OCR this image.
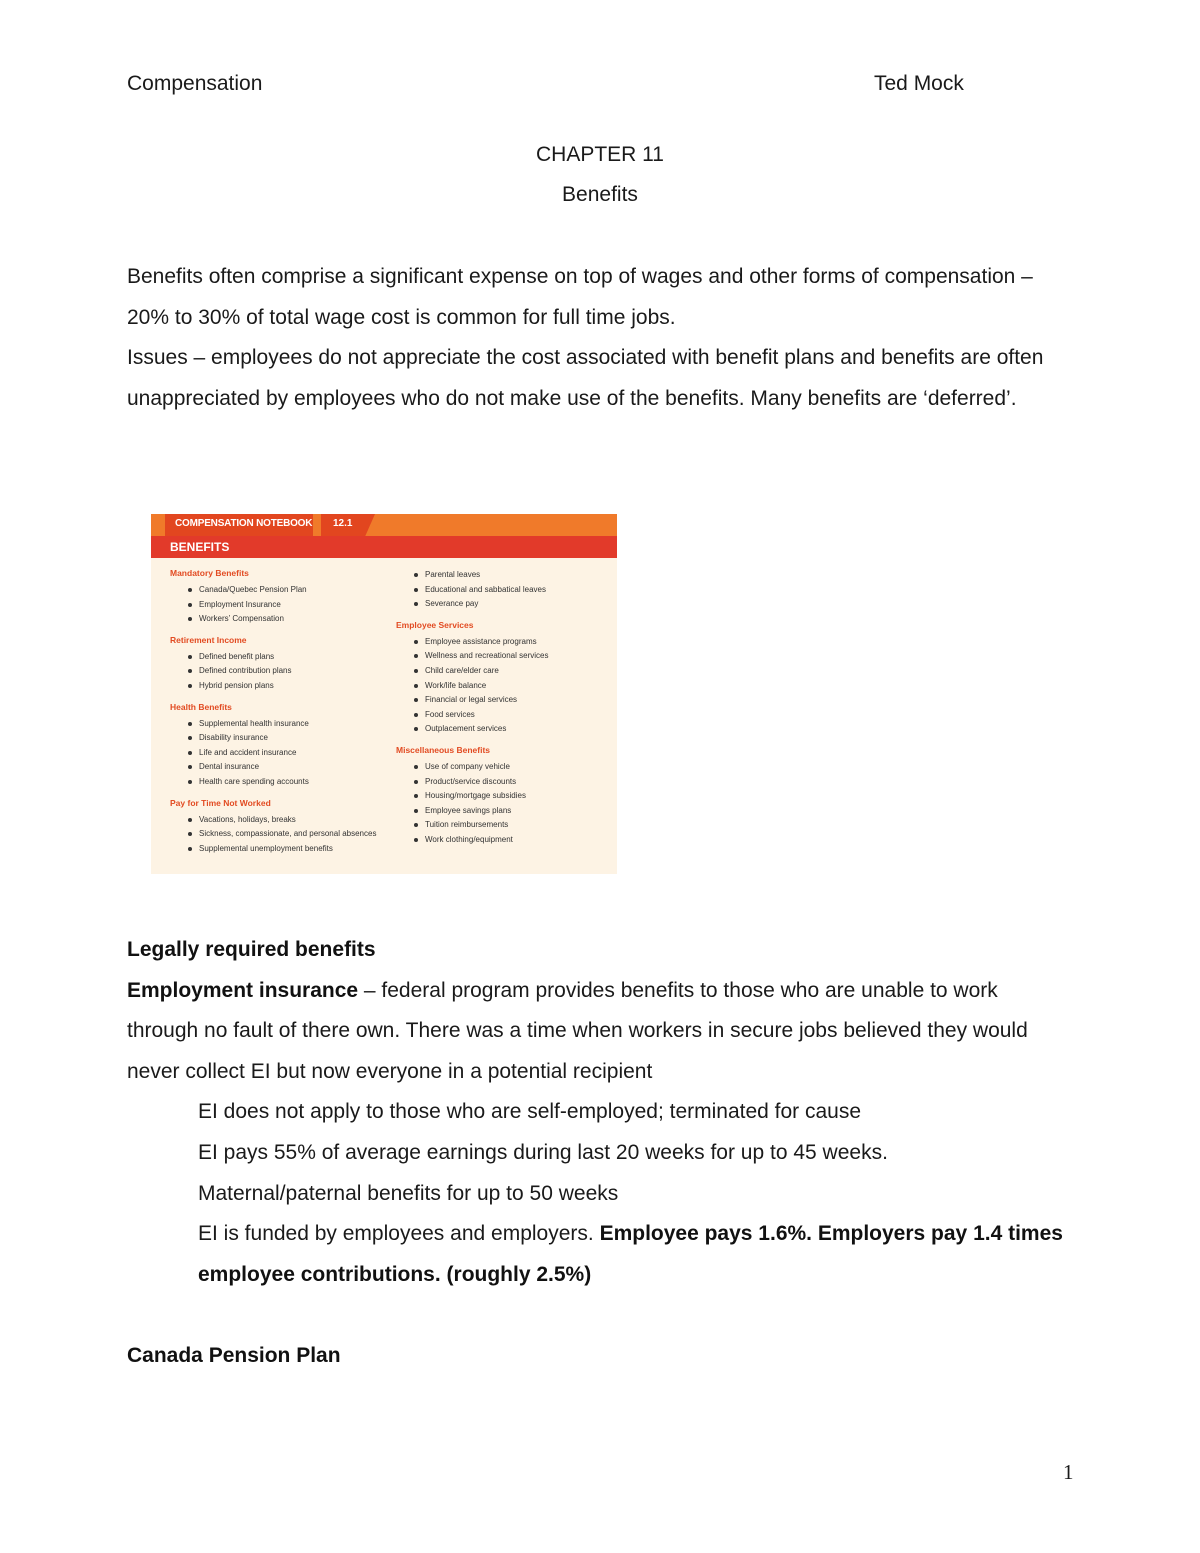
Compensation	Ted Mock
CHAPTER 11
Benefits

Benefits often comprise a significant expense on top of wages and other forms of compensation – 20% to 30% of total wage cost is common for full time jobs.

Issues – employees do not appreciate the cost associated with benefit plans and benefits are often unappreciated by employees who do not make use of the benefits. Many benefits are ‘deferred’.

COMPENSATION NOTEBOOK 12.1
BENEFITS
Mandatory Benefits
Canada/Quebec Pension Plan
Employment Insurance
Workers’ Compensation
Retirement Income
Defined benefit plans
Defined contribution plans
Hybrid pension plans
Health Benefits
Supplemental health insurance
Disability insurance
Life and accident insurance
Dental insurance
Health care spending accounts
Pay for Time Not Worked
Vacations, holidays, breaks
Sickness, compassionate, and personal absences
Supplemental unemployment benefits
Parental leaves
Educational and sabbatical leaves
Severance pay
Employee Services
Employee assistance programs
Wellness and recreational services
Child care/elder care
Work/life balance
Financial or legal services
Food services
Outplacement services
Miscellaneous Benefits
Use of company vehicle
Product/service discounts
Housing/mortgage subsidies
Employee savings plans
Tuition reimbursements
Work clothing/equipment

Legally required benefits

Employment insurance – federal program provides benefits to those who are unable to work through no fault of there own. There was a time when workers in secure jobs believed they would never collect EI but now everyone in a potential recipient

EI does not apply to those who are self-employed; terminated for cause

EI pays 55% of average earnings during last 20 weeks for up to 45 weeks.

Maternal/paternal benefits for up to 50 weeks

EI is funded by employees and employers. Employee pays 1.6%. Employers pay 1.4 times employee contributions. (roughly 2.5%)

Canada Pension Plan

1
